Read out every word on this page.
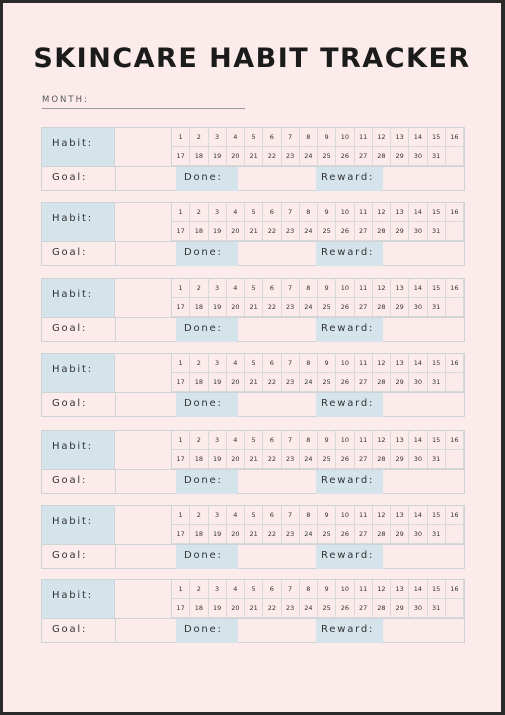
SKINCARE HABIT TRACKER
MONTH:
Habit:
1	2	3	4	5	6	7	8	9	10	11	12	13	14	15	16
17	18	19	20	21	22	23	24	25	26	27	28	29	30	31
Goal:	Done:	Reward:
Habit:
1	2	3	4	5	6	7	8	9	10	11	12	13	14	15	16
17	18	19	20	21	22	23	24	25	26	27	28	29	30	31
Goal:	Done:	Reward:
Habit:
1	2	3	4	5	6	7	8	9	10	11	12	13	14	15	16
17	18	19	20	21	22	23	24	25	26	27	28	29	30	31
Goal:	Done:	Reward:
Habit:
1	2	3	4	5	6	7	8	9	10	11	12	13	14	15	16
17	18	19	20	21	22	23	24	25	26	27	28	29	30	31
Goal:	Done:	Reward:
Habit:
1	2	3	4	5	6	7	8	9	10	11	12	13	14	15	16
17	18	19	20	21	22	23	24	25	26	27	28	29	30	31
Goal:	Done:	Reward:
Habit:
1	2	3	4	5	6	7	8	9	10	11	12	13	14	15	16
17	18	19	20	21	22	23	24	25	26	27	28	29	30	31
Goal:	Done:	Reward:
Habit:
1	2	3	4	5	6	7	8	9	10	11	12	13	14	15	16
17	18	19	20	21	22	23	24	25	26	27	28	29	30	31
Goal:	Done:	Reward:
